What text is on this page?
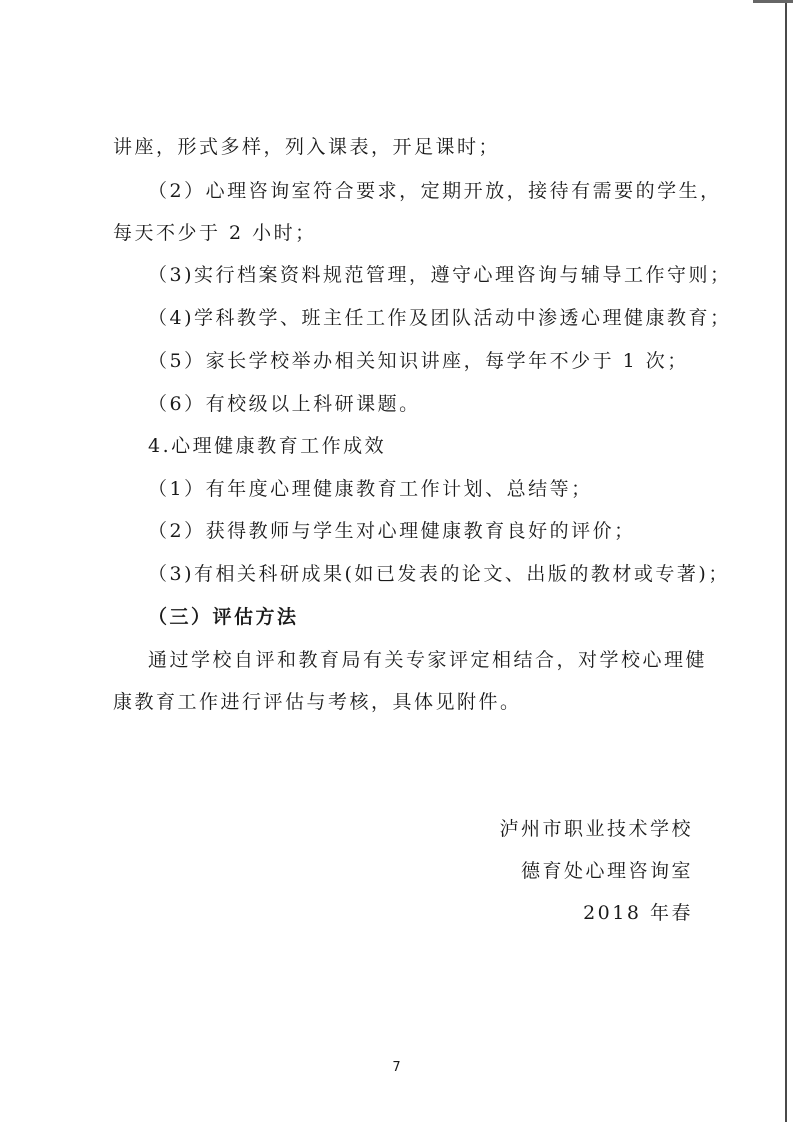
讲座，形式多样，列入课表，开足课时；
（2）心理咨询室符合要求，定期开放，接待有需要的学生，
每天不少于 2 小时；
（3)实行档案资料规范管理，遵守心理咨询与辅导工作守则；
（4)学科教学、班主任工作及团队活动中渗透心理健康教育；
（5）家长学校举办相关知识讲座，每学年不少于 1 次；
（6）有校级以上科研课题。
4.心理健康教育工作成效
（1）有年度心理健康教育工作计划、总结等；
（2）获得教师与学生对心理健康教育良好的评价；
（3)有相关科研成果(如已发表的论文、出版的教材或专著)；
（三）评估方法
通过学校自评和教育局有关专家评定相结合，对学校心理健
康教育工作进行评估与考核，具体见附件。
泸州市职业技术学校
德育处心理咨询室
2018 年春
7
